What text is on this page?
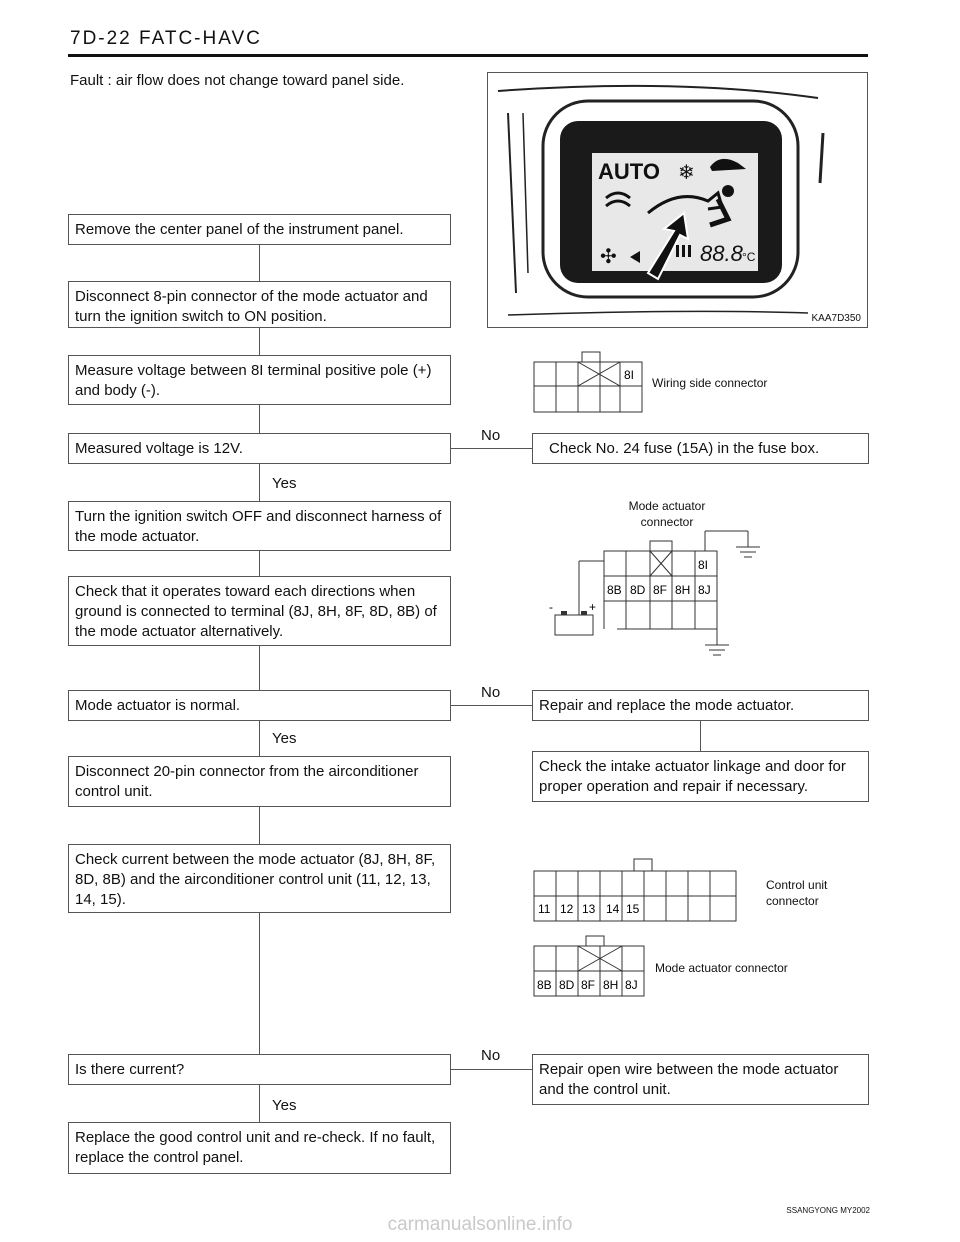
7D-22 FATC-HAVC
Fault : air flow does not change toward panel side.
AUTO ❄
✣	88.8 °C
KAA7D350
Remove the center panel of the instrument panel.
Disconnect 8-pin connector of the mode actuator and turn the ignition switch to ON position.
Measure voltage between 8I terminal positive pole (+) and body (-).
Measured voltage is 12V.
Yes
Turn the ignition switch OFF and disconnect harness of the mode actuator.
Check that it operates toward each directions when ground is connected to terminal (8J, 8H, 8F, 8D, 8B) of the mode actuator alternatively.
Mode actuator is normal.
Yes
Disconnect 20-pin connector from the airconditioner control unit.
Check current between the mode actuator (8J, 8H, 8F, 8D, 8B) and the airconditioner control unit (11, 12, 13, 14, 15).
Is there current?
Yes
Replace the good control unit and re-check. If no fault, replace the control panel.
No
Check No. 24 fuse (15A) in the fuse box.
No
Repair and replace the mode actuator.
Check the intake actuator linkage and door for proper operation and repair if necessary.
No
Repair open wire between the mode actuator and the control unit.
8I
Wiring side connector
Mode actuator connector
8I
8B 8D 8F 8H 8J
-	+
11 12 13 14 15
Control unit connector
8B 8D 8F 8H 8J
Mode actuator connector
SSANGYONG MY2002
carmanualsonline.info
